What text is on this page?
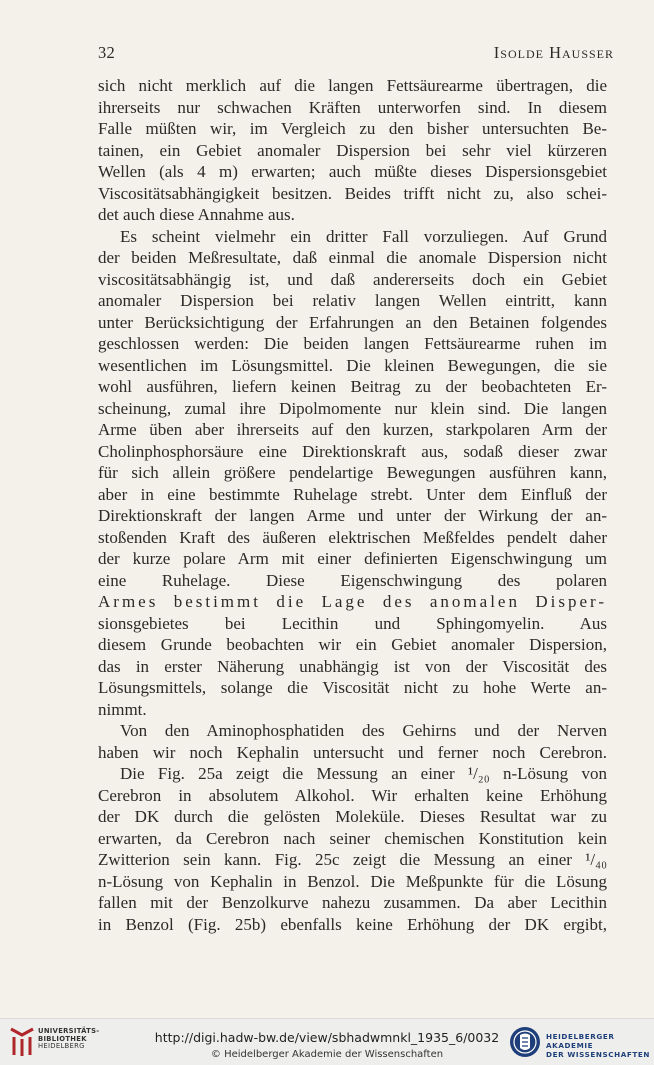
32	Isolde Hausser
sich nicht merklich auf die langen Fettsäurearme übertragen, die
ihrerseits nur schwachen Kräften unterworfen sind. In diesem
Falle müßten wir, im Vergleich zu den bisher untersuchten Be-
tainen, ein Gebiet anomaler Dispersion bei sehr viel kürzeren
Wellen (als 4 m) erwarten; auch müßte dieses Dispersionsgebiet
Viscositätsabhängigkeit besitzen. Beides trifft nicht zu, also schei-
det auch diese Annahme aus.
Es scheint vielmehr ein dritter Fall vorzuliegen. Auf Grund
der beiden Meßresultate, daß einmal die anomale Dispersion nicht
viscositätsabhängig ist, und daß andererseits doch ein Gebiet
anomaler Dispersion bei relativ langen Wellen eintritt, kann
unter Berücksichtigung der Erfahrungen an den Betainen folgendes
geschlossen werden: Die beiden langen Fettsäurearme ruhen im
wesentlichen im Lösungsmittel. Die kleinen Bewegungen, die sie
wohl ausführen, liefern keinen Beitrag zu der beobachteten Er-
scheinung, zumal ihre Dipolmomente nur klein sind. Die langen
Arme üben aber ihrerseits auf den kurzen, starkpolaren Arm der
Cholinphosphorsäure eine Direktionskraft aus, sodaß dieser zwar
für sich allein größere pendelartige Bewegungen ausführen kann,
aber in eine bestimmte Ruhelage strebt. Unter dem Einfluß der
Direktionskraft der langen Arme und unter der Wirkung der an-
stoßenden Kraft des äußeren elektrischen Meßfeldes pendelt daher
der kurze polare Arm mit einer definierten Eigenschwingung um
eine Ruhelage. Diese Eigenschwingung des polaren
Armes bestimmt die Lage des anomalen Disper-
sionsgebietes bei Lecithin und Sphingomyelin. Aus
diesem Grunde beobachten wir ein Gebiet anomaler Dispersion,
das in erster Näherung unabhängig ist von der Viscosität des
Lösungsmittels, solange die Viscosität nicht zu hohe Werte an-
nimmt.
Von den Aminophosphatiden des Gehirns und der Nerven
haben wir noch Kephalin untersucht und ferner noch Cerebron.
Die Fig. 25a zeigt die Messung an einer ¹/₂₀ n-Lösung von
Cerebron in absolutem Alkohol. Wir erhalten keine Erhöhung
der DK durch die gelösten Moleküle. Dieses Resultat war zu
erwarten, da Cerebron nach seiner chemischen Konstitution kein
Zwitterion sein kann. Fig. 25c zeigt die Messung an einer ¹/₄₀
n-Lösung von Kephalin in Benzol. Die Meßpunkte für die Lösung
fallen mit der Benzolkurve nahezu zusammen. Da aber Lecithin
in Benzol (Fig. 25b) ebenfalls keine Erhöhung der DK ergibt,
UNIVERSITÄTS-
BIBLIOTHEK
HEIDELBERG
http://digi.hadw-bw.de/view/sbhadwmnkl_1935_6/0032
© Heidelberger Akademie der Wissenschaften
HEIDELBERGER AKADEMIE
DER WISSENSCHAFTEN
